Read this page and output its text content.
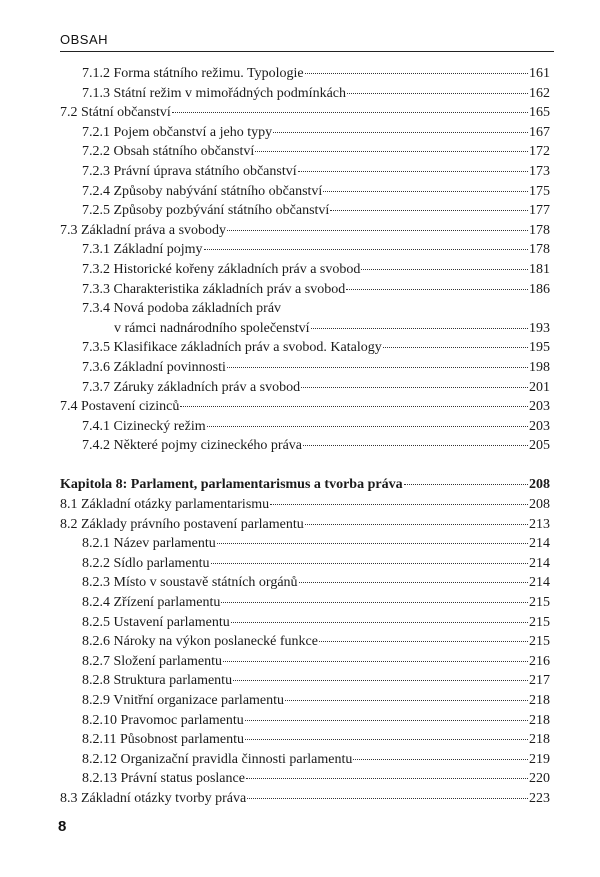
OBSAH
7.1.2 Forma státního režimu. Typologie	161
7.1.3 Státní režim v mimořádných podmínkách	162
7.2 Státní občanství	165
7.2.1 Pojem občanství a jeho typy	167
7.2.2 Obsah státního občanství	172
7.2.3 Právní úprava státního občanství	173
7.2.4 Způsoby nabývání státního občanství	175
7.2.5 Způsoby pozbývání státního občanství	177
7.3 Základní práva a svobody	178
7.3.1 Základní pojmy	178
7.3.2 Historické kořeny základních práv a svobod	181
7.3.3 Charakteristika základních práv a svobod	186
7.3.4 Nová podoba základních práv
v rámci nadnárodního společenství	193
7.3.5 Klasifikace základních práv a svobod. Katalogy	195
7.3.6 Základní povinnosti	198
7.3.7 Záruky základních práv a svobod	201
7.4 Postavení cizinců	203
7.4.1 Cizinecký režim	203
7.4.2 Některé pojmy cizineckého práva	205
Kapitola 8: Parlament, parlamentarismus a tvorba práva	208
8.1 Základní otázky parlamentarismu	208
8.2 Základy právního postavení parlamentu	213
8.2.1 Název parlamentu	214
8.2.2 Sídlo parlamentu	214
8.2.3 Místo v soustavě státních orgánů	214
8.2.4 Zřízení parlamentu	215
8.2.5 Ustavení parlamentu	215
8.2.6 Nároky na výkon poslanecké funkce	215
8.2.7 Složení parlamentu	216
8.2.8 Struktura parlamentu	217
8.2.9 Vnitřní organizace parlamentu	218
8.2.10 Pravomoc parlamentu	218
8.2.11 Působnost parlamentu	218
8.2.12 Organizační pravidla činnosti parlamentu	219
8.2.13 Právní status poslance	220
8.3 Základní otázky tvorby práva	223
8
